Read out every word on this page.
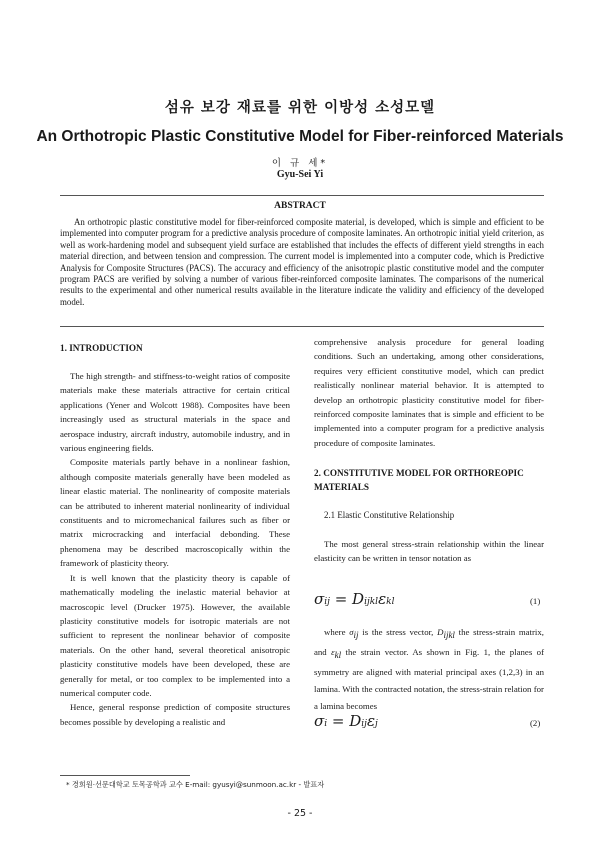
섬유 보강 재료를 위한 이방성 소성모델
An Orthotropic Plastic Constitutive Model for Fiber-reinforced Materials
이 규 세*
Gyu-Sei Yi
ABSTRACT

An orthotropic plastic constitutive model for fiber-reinforced composite material, is developed, which is simple and efficient to be implemented into computer program for a predictive analysis procedure of composite laminates. An orthotropic initial yield criterion, as well as work-hardening model and subsequent yield surface are established that includes the effects of different yield strengths in each material direction, and between tension and compression. The current model is implemented into a computer code, which is Predictive Analysis for Composite Structures (PACS). The accuracy and efficiency of the anisotropic plastic constitutive model and the computer program PACS are verified by solving a number of various fiber-reinforced composite laminates. The comparisons of the numerical results to the experimental and other numerical results available in the literature indicate the validity and efficiency of the developed model.

1. INTRODUCTION

The high strength- and stiffness-to-weight ratios of composite materials make these materials attractive for certain critical applications (Yener and Wolcott 1988). Composites have been increasingly used as structural materials in the space and aerospace industry, aircraft industry, automobile industry, and in various engineering fields.

Composite materials partly behave in a nonlinear fashion, although composite materials generally have been modeled as linear elastic material. The nonlinearity of composite materials can be attributed to inherent material nonlinearity of individual constituents and to micromechanical failures such as fiber or matrix microcracking and interfacial debonding. These phenomena may be described macroscopically within the framework of plasticity theory.

It is well known that the plasticity theory is capable of mathematically modeling the inelastic material behavior at macroscopic level (Drucker 1975). However, the available plasticity constitutive models for isotropic materials are not sufficient to represent the nonlinear behavior of composite materials. On the other hand, several theoretical anisotropic plasticity constitutive models have been developed, these are generally for metal, or too complex to be implemented into a numerical computer code.

Hence, general response prediction of composite structures becomes possible by developing a realistic and

comprehensive analysis procedure for general loading conditions. Such an undertaking, among other considerations, requires very efficient constitutive model, which can predict realistically nonlinear material behavior. It is attempted to develop an orthotropic plasticity constitutive model for fiber-reinforced composite laminates that is simple and efficient to be implemented into a computer program for a predictive analysis procedure of composite laminates.

2. CONSTITUTIVE MODEL FOR ORTHOREOPIC MATERIALS
2.1 Elastic Constitutive Relationship

The most general stress-strain relationship within the linear elasticity can be written in tensor notation as

σij = Dijklεkl	(1)

where $\sigma_{ij}$ is the stress vector, $D_{ijkl}$ the stress-strain matrix, and $\varepsilon_{kl}$ the strain vector. As shown in Fig. 1, the planes of symmetry are aligned with material principal axes (1,2,3) in an lamina. With the contracted notation, the stress-strain relation for a lamina becomes

σi = Dijεj	(2)
* 경희원·선문대학교 토목공학과 교수 E-mail: gyusyi@sunmoon.ac.kr - 발표자
- 25 -
